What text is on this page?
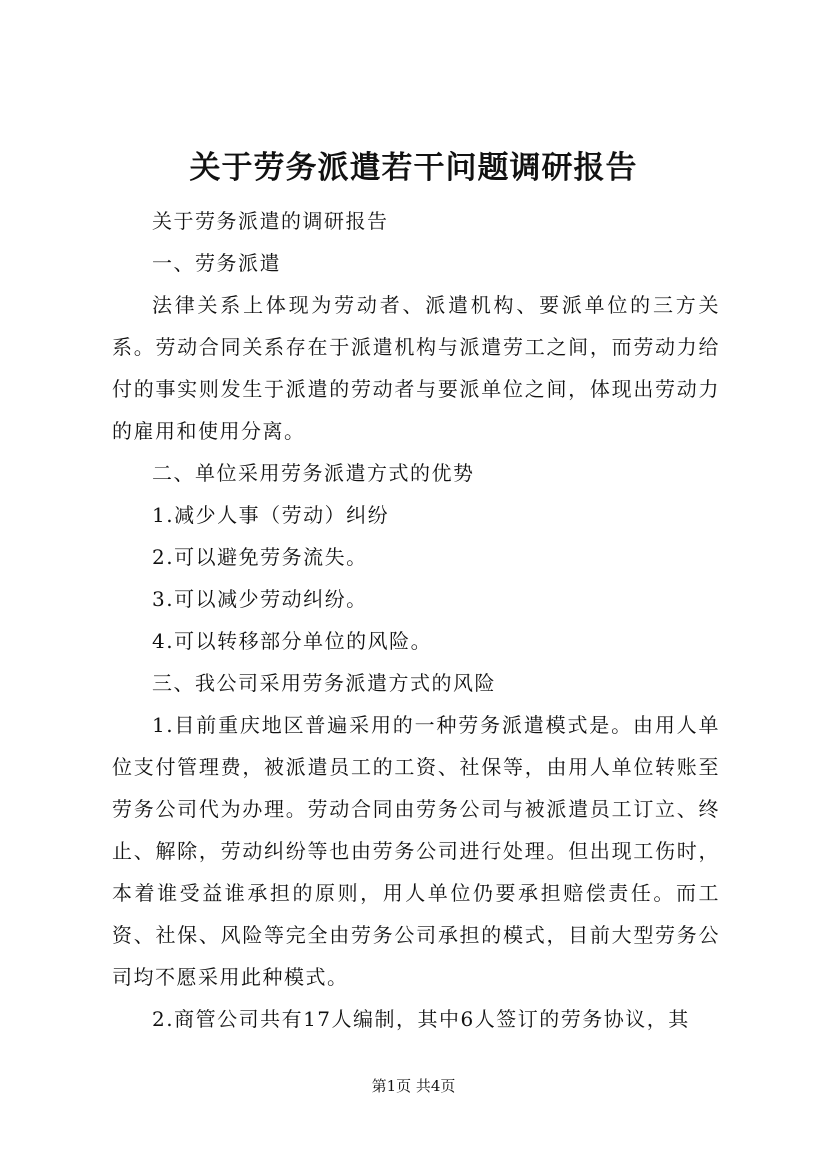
关于劳务派遣若干问题调研报告

关于劳务派遣的调研报告

一、劳务派遣

法律关系上体现为劳动者、派遣机构、要派单位的三方关系。劳动合同关系存在于派遣机构与派遣劳工之间，而劳动力给付的事实则发生于派遣的劳动者与要派单位之间，体现出劳动力的雇用和使用分离。

二、单位采用劳务派遣方式的优势

1.减少人事（劳动）纠纷

2.可以避免劳务流失。

3.可以减少劳动纠纷。

4.可以转移部分单位的风险。

三、我公司采用劳务派遣方式的风险

1.目前重庆地区普遍采用的一种劳务派遣模式是。由用人单位支付管理费，被派遣员工的工资、社保等，由用人单位转账至劳务公司代为办理。劳动合同由劳务公司与被派遣员工订立、终止、解除，劳动纠纷等也由劳务公司进行处理。但出现工伤时，本着谁受益谁承担的原则，用人单位仍要承担赔偿责任。而工资、社保、风险等完全由劳务公司承担的模式，目前大型劳务公司均不愿采用此种模式。

2.商管公司共有17人编制，其中6人签订的劳务协议，其

第1页 共4页
